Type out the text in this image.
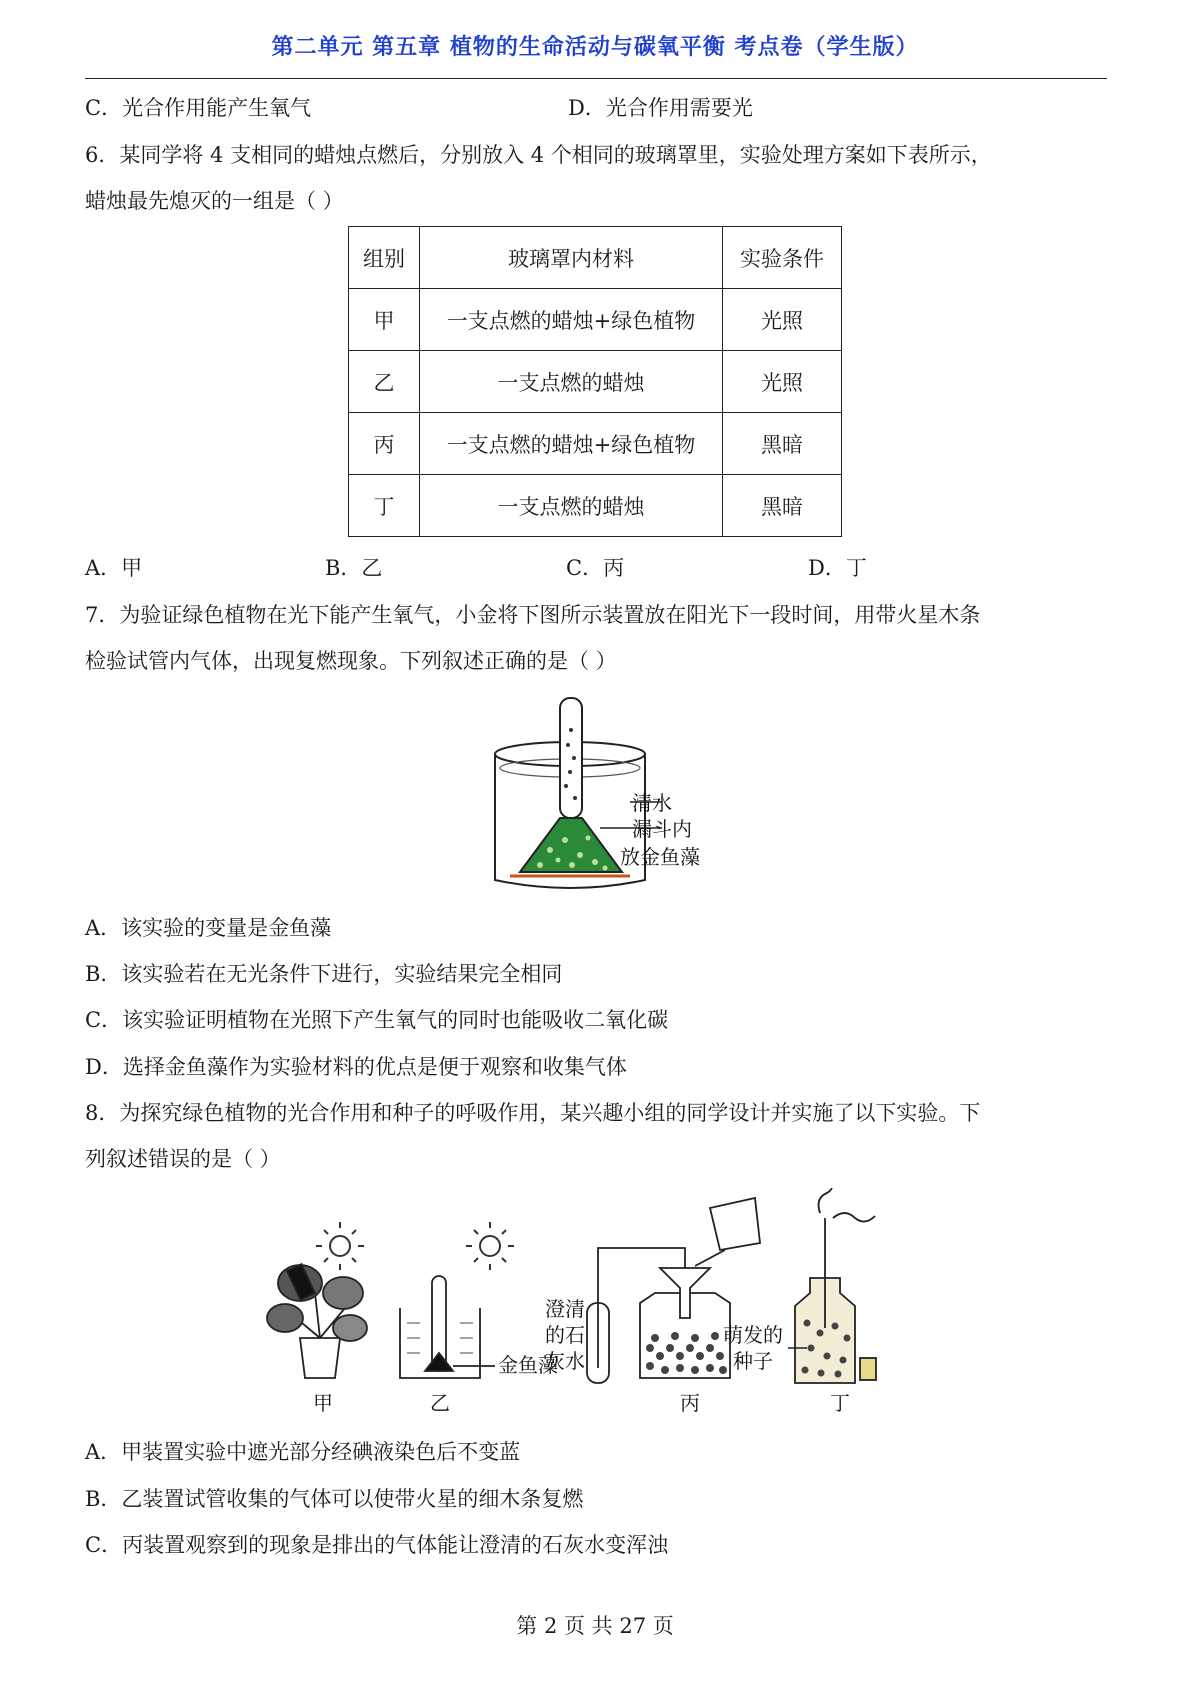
第二单元 第五章 植物的生命活动与碳氧平衡 考点卷（学生版）
C．光合作用能产生氧气	D．光合作用需要光
6．某同学将 4 支相同的蜡烛点燃后，分别放入 4 个相同的玻璃罩里，实验处理方案如下表所示，
蜡烛最先熄灭的一组是（ ）
组别	玻璃罩内材料	实验条件
甲	一支点燃的蜡烛+绿色植物	光照
乙	一支点燃的蜡烛	光照
丙	一支点燃的蜡烛+绿色植物	黑暗
丁	一支点燃的蜡烛	黑暗
A．甲	B．乙	C．丙	D．丁
7．为验证绿色植物在光下能产生氧气，小金将下图所示装置放在阳光下一段时间，用带火星木条
检验试管内气体，出现复燃现象。下列叙述正确的是（ ）
清水
漏斗内
放金鱼藻
A．该实验的变量是金鱼藻
B．该实验若在无光条件下进行，实验结果完全相同
C．该实验证明植物在光照下产生氧气的同时也能吸收二氧化碳
D．选择金鱼藻作为实验材料的优点是便于观察和收集气体
8．为探究绿色植物的光合作用和种子的呼吸作用，某兴趣小组的同学设计并实施了以下实验。下
列叙述错误的是（ ）
金鱼藻
澄清
的石
灰水
萌发的
种子
甲	乙	丙	丁
A．甲装置实验中遮光部分经碘液染色后不变蓝
B．乙装置试管收集的气体可以使带火星的细木条复燃
C．丙装置观察到的现象是排出的气体能让澄清的石灰水变浑浊
第 2 页 共 27 页
